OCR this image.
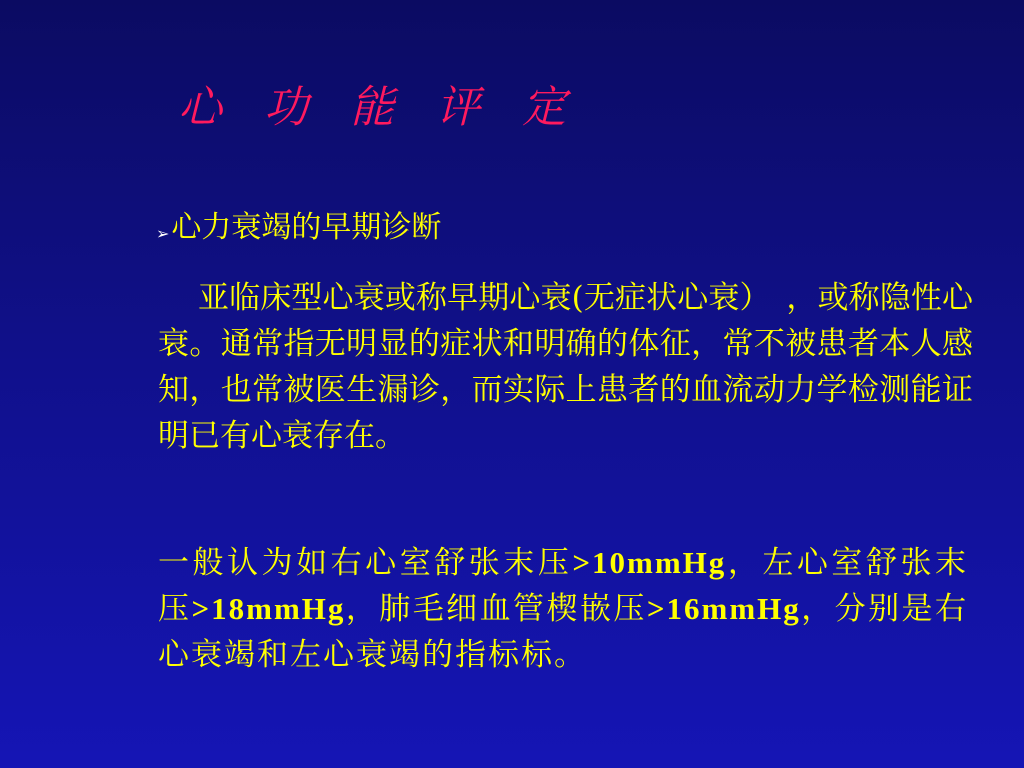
心 功 能 评 定
➢ 心力衰竭的早期诊断

亚临床型心衰或称早期心衰(无症状心衰）　，或称隐性心衰。通常指无明显的症状和明确的体征，常不被患者本人感知，也常被医生漏诊，而实际上患者的血流动力学检测能证明已有心衰存在。

一般认为如右心室舒张末压>10mmHg，左心室舒张末压>18mmHg，肺毛细血管楔嵌压>16mmHg，分别是右心衰竭和左心衰竭的指标标。
